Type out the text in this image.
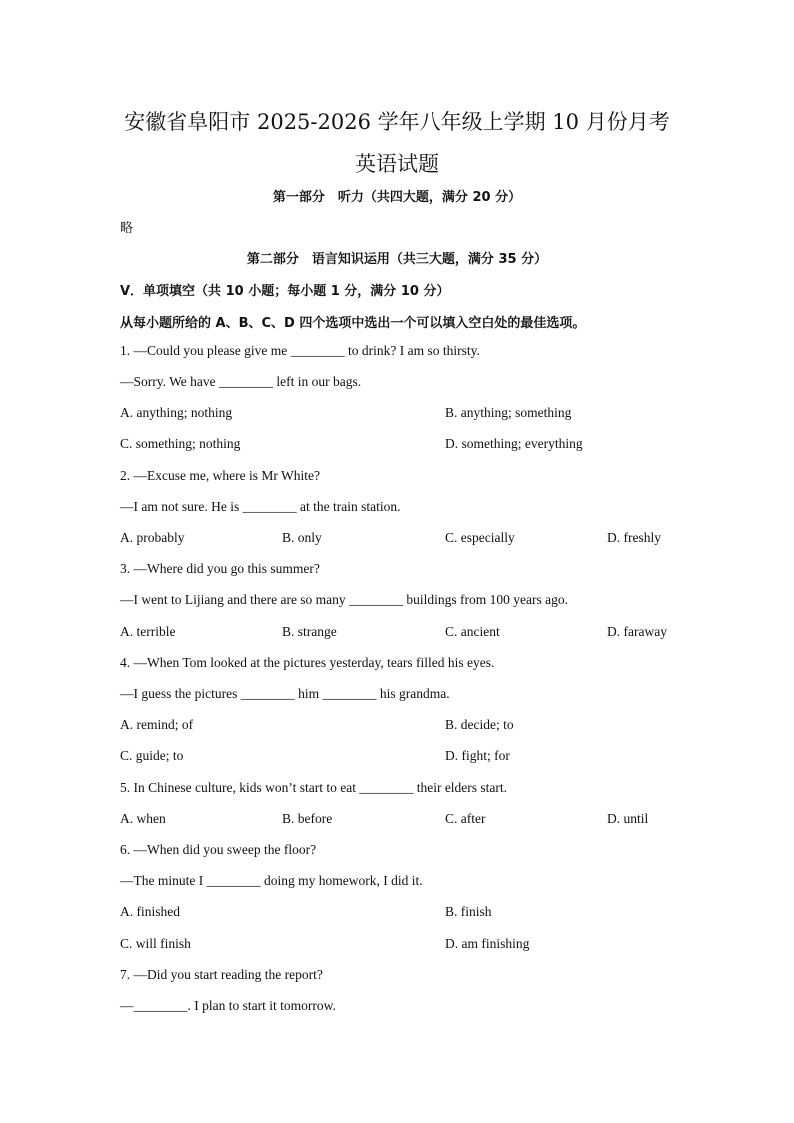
安徽省阜阳市 2025-2026 学年八年级上学期 10 月份月考
英语试题
第一部分　听力（共四大题，满分 20 分）
略
第二部分　语言知识运用（共三大题，满分 35 分）
V．单项填空（共 10 小题；每小题 1 分，满分 10 分）
从每小题所给的 A、B、C、D 四个选项中选出一个可以填入空白处的最佳选项。
1. —Could you please give me ________ to drink? I am so thirsty.
—Sorry. We have ________ left in our bags.
A. anything; nothing	B. anything; something
C. something; nothing	D. something; everything
2. —Excuse me, where is Mr White?
—I am not sure. He is ________ at the train station.
A. probably	B. only	C. especially	D. freshly
3. —Where did you go this summer?
—I went to Lijiang and there are so many ________ buildings from 100 years ago.
A. terrible	B. strange	C. ancient	D. faraway
4. —When Tom looked at the pictures yesterday, tears filled his eyes.
—I guess the pictures ________ him ________ his grandma.
A. remind; of	B. decide; to
C. guide; to	D. fight; for
5. In Chinese culture, kids won’t start to eat ________ their elders start.
A. when	B. before	C. after	D. until
6. —When did you sweep the floor?
—The minute I ________ doing my homework, I did it.
A. finished	B. finish
C. will finish	D. am finishing
7. —Did you start reading the report?
—________. I plan to start it tomorrow.
